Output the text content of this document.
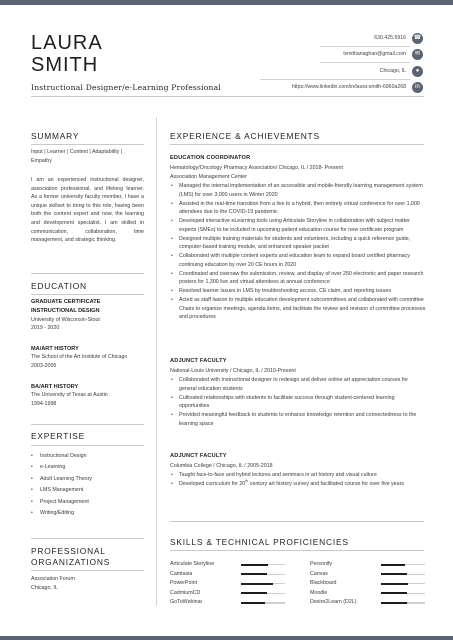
LAURA
SMITH
Instructional Designer/e-Learning Professional
630.425.5916 ☎
lsmithanaghan@gmail.com	✉
Chicago, IL	●
https://www.linkedin.com/in/laura-smith-6960a268	in
SUMMARY
Input | Learner | Context | Adaptability | Empathy
I am an experienced instructional designer, association professional, and lifelong learner. As a former university faculty member, I have a unique skillset to bring to this role, having been both the content expert and now, the learning and development specialist. I am skilled in communication, collaboration, time management, and strategic thinking.
EDUCATION
GRADUATE CERTIFICATE
INSTRUCTIONAL DESIGN
University of Wisconsin-Stout
2019 - 2020
MA/ART HISTORY
The School of the Art Institute of Chicago
2003-2005
BA/ART HISTORY
The University of Texas at Austin
1994-1998
EXPERTISE
• Instructional Design
• e-Learning
• Adult Learning Theory
• LMS Management
• Project Management
• Writing/Editing
PROFESSIONAL
ORGANIZATIONS
Association Forum
Chicago, IL
EXPERIENCE & ACHIEVEMENTS
EDUCATION COORDINATOR
Hematology/Oncology Pharmacy Association/ Chicago, IL / 2018- Present
Association Management Center
• Managed the internal implementation of an accessible and mobile-friendly learning management system (LMS) for over 3,000 users in Winter 2020
• Assisted in the real-time transition from a live to a hybrid, then entirely virtual conference for over 1,000 attendees due to the COVID-19 pandemic
• Developed interactive eLearning tools using Articulate Storyline in collaboration with subject matter experts (SMEs) to be included in upcoming patient education course for new certificate program
• Designed multiple training materials for students and volunteers, including a quick reference guide, computer-based training module, and enhanced speaker packet
• Collaborated with multiple content experts and education team to expand board certified pharmacy continuing education by over 20 CE hours in 2020
• Coordinated and oversaw the submission, review, and display of over 250 electronic and paper research posters for 1,300 live and virtual attendees at annual conference
• Resolved learner issues in LMS by troubleshooting access, CE claim, and reporting issues
• Acted as staff liaison to multiple education development subcommittees and collaborated with committee Chairs to organize meetings, agenda items, and facilitate the review and revision of committee processes and procedures
ADJUNCT FACULTY
National-Louis University / Chicago, IL / 2010-Present
• Collaborated with Instructional designer to redesign and deliver online art appreciation courses for general education students
• Cultivated relationships with students to facilitate success through student-centered learning opportunities
• Provided meaningful feedback to students to enhance knowledge retention and connectedness to the learning space
ADJUNCT FACULTY
Columbia College / Chicago, IL / 2005-2018
• Taught face-to-face and hybrid lectures and seminars in art history and visual culture
• Developed curriculum for 20th century art history survey and facilitated course for over five years
SKILLS & TECHNICAL PROFICIENCIES
Articulate Storyline
Camtasia
PowerPoint
CadmiumCD
GoToWebinar
Personify
Canvas
Blackboard
Moodle
Desire2Learn (D2L)
